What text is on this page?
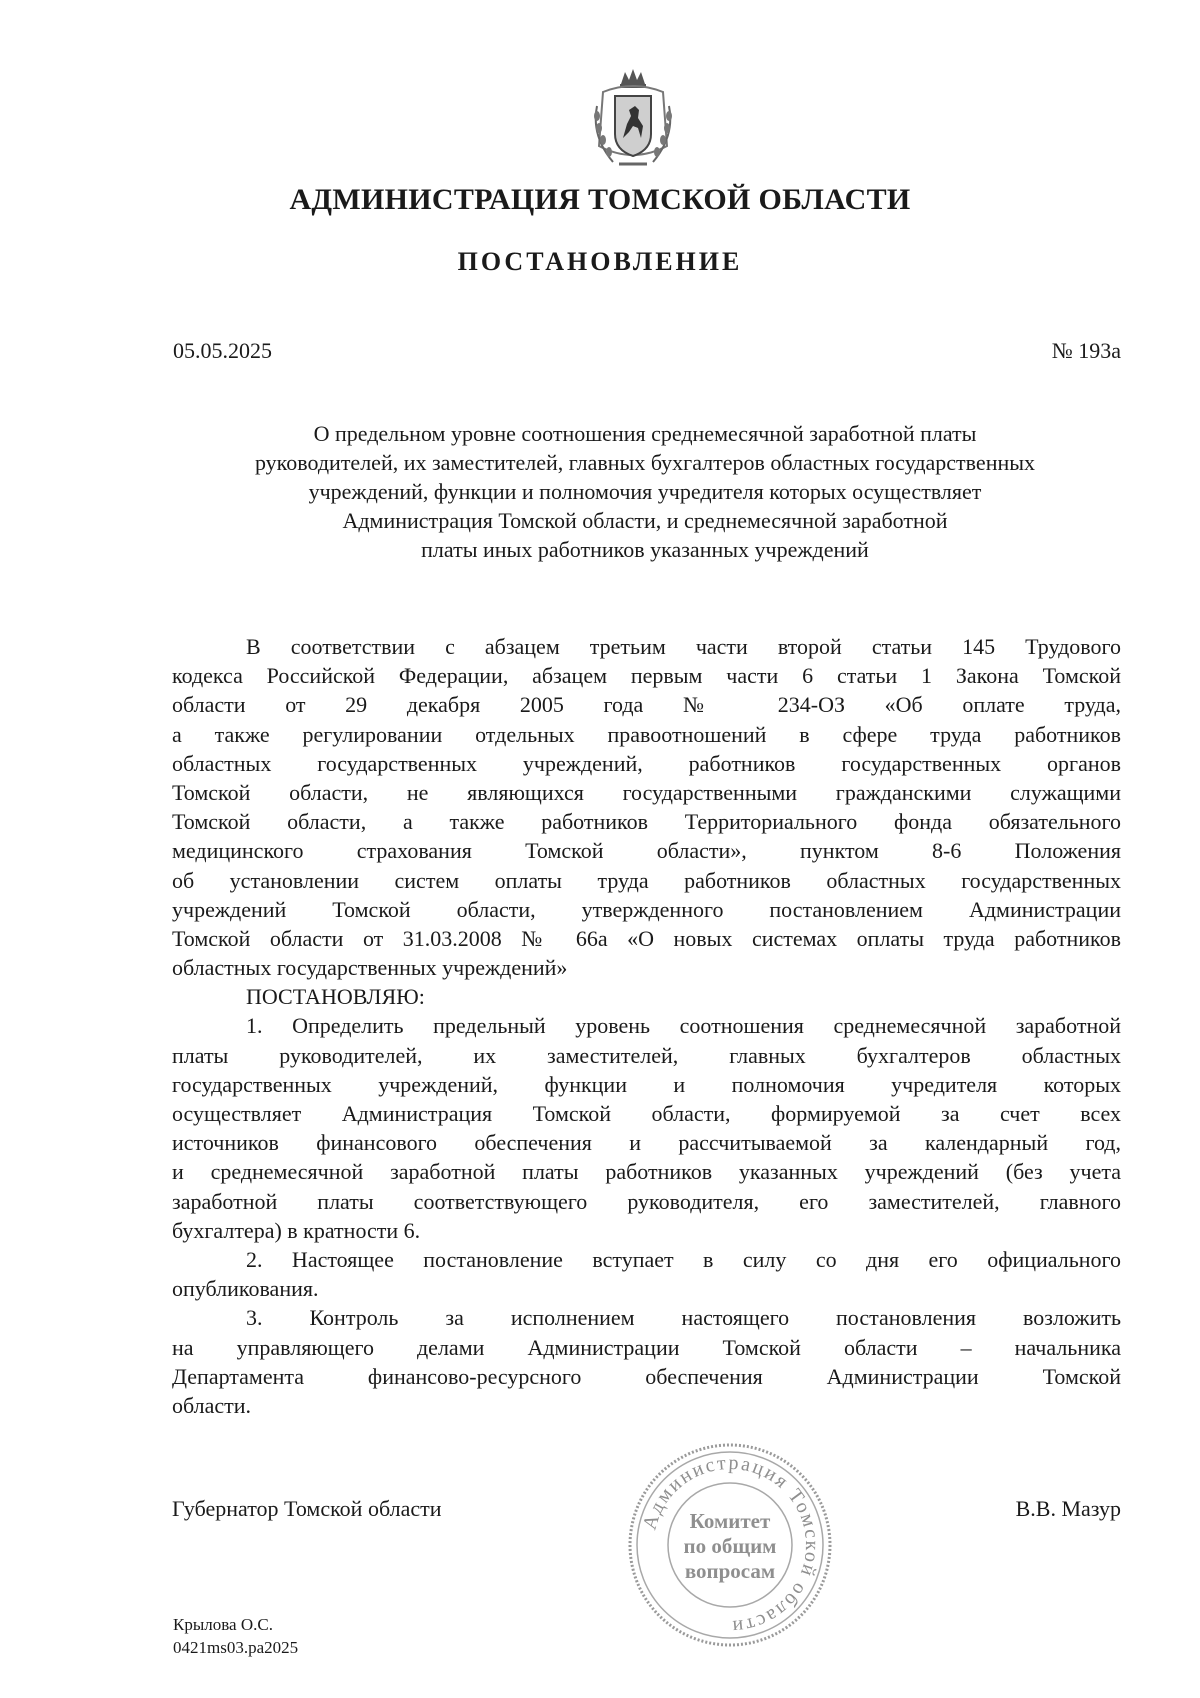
АДМИНИСТРАЦИЯ ТОМСКОЙ ОБЛАСТИ
ПОСТАНОВЛЕНИЕ
05.05.2025	№ 193а
О предельном уровне соотношения среднемесячной заработной платы
руководителей, их заместителей, главных бухгалтеров областных государственных
учреждений, функции и полномочия учредителя которых осуществляет
Администрация Томской области, и среднемесячной заработной
платы иных работников указанных учреждений
В соответствии с абзацем третьим части второй статьи 145 Трудового
кодекса Российской Федерации, абзацем первым части 6 статьи 1 Закона Томской
области от 29 декабря 2005 года № 234-ОЗ «Об оплате труда,
а также регулировании отдельных правоотношений в сфере труда работников
областных государственных учреждений, работников государственных органов
Томской области, не являющихся государственными гражданскими служащими
Томской области, а также работников Территориального фонда обязательного
медицинского страхования Томской области», пунктом 8-6 Положения
об установлении систем оплаты труда работников областных государственных
учреждений Томской области, утвержденного постановлением Администрации
Томской области от 31.03.2008 № 66а «О новых системах оплаты труда работников
областных государственных учреждений»
ПОСТАНОВЛЯЮ:
1. Определить предельный уровень соотношения среднемесячной заработной
платы руководителей, их заместителей, главных бухгалтеров областных
государственных учреждений, функции и полномочия учредителя которых
осуществляет Администрация Томской области, формируемой за счет всех
источников финансового обеспечения и рассчитываемой за календарный год,
и среднемесячной заработной платы работников указанных учреждений (без учета
заработной платы соответствующего руководителя, его заместителей, главного
бухгалтера) в кратности 6.
2. Настоящее постановление вступает в силу со дня его официального
опубликования.
3. Контроль за исполнением настоящего постановления возложить
на управляющего делами Администрации Томской области – начальника
Департамента финансово-ресурсного обеспечения Администрации Томской
области.
Губернатор Томской области	В.В. Мазур
Администрация Томской области
Комитет
по общим
вопросам
Крылова О.С.
0421ms03.pa2025
